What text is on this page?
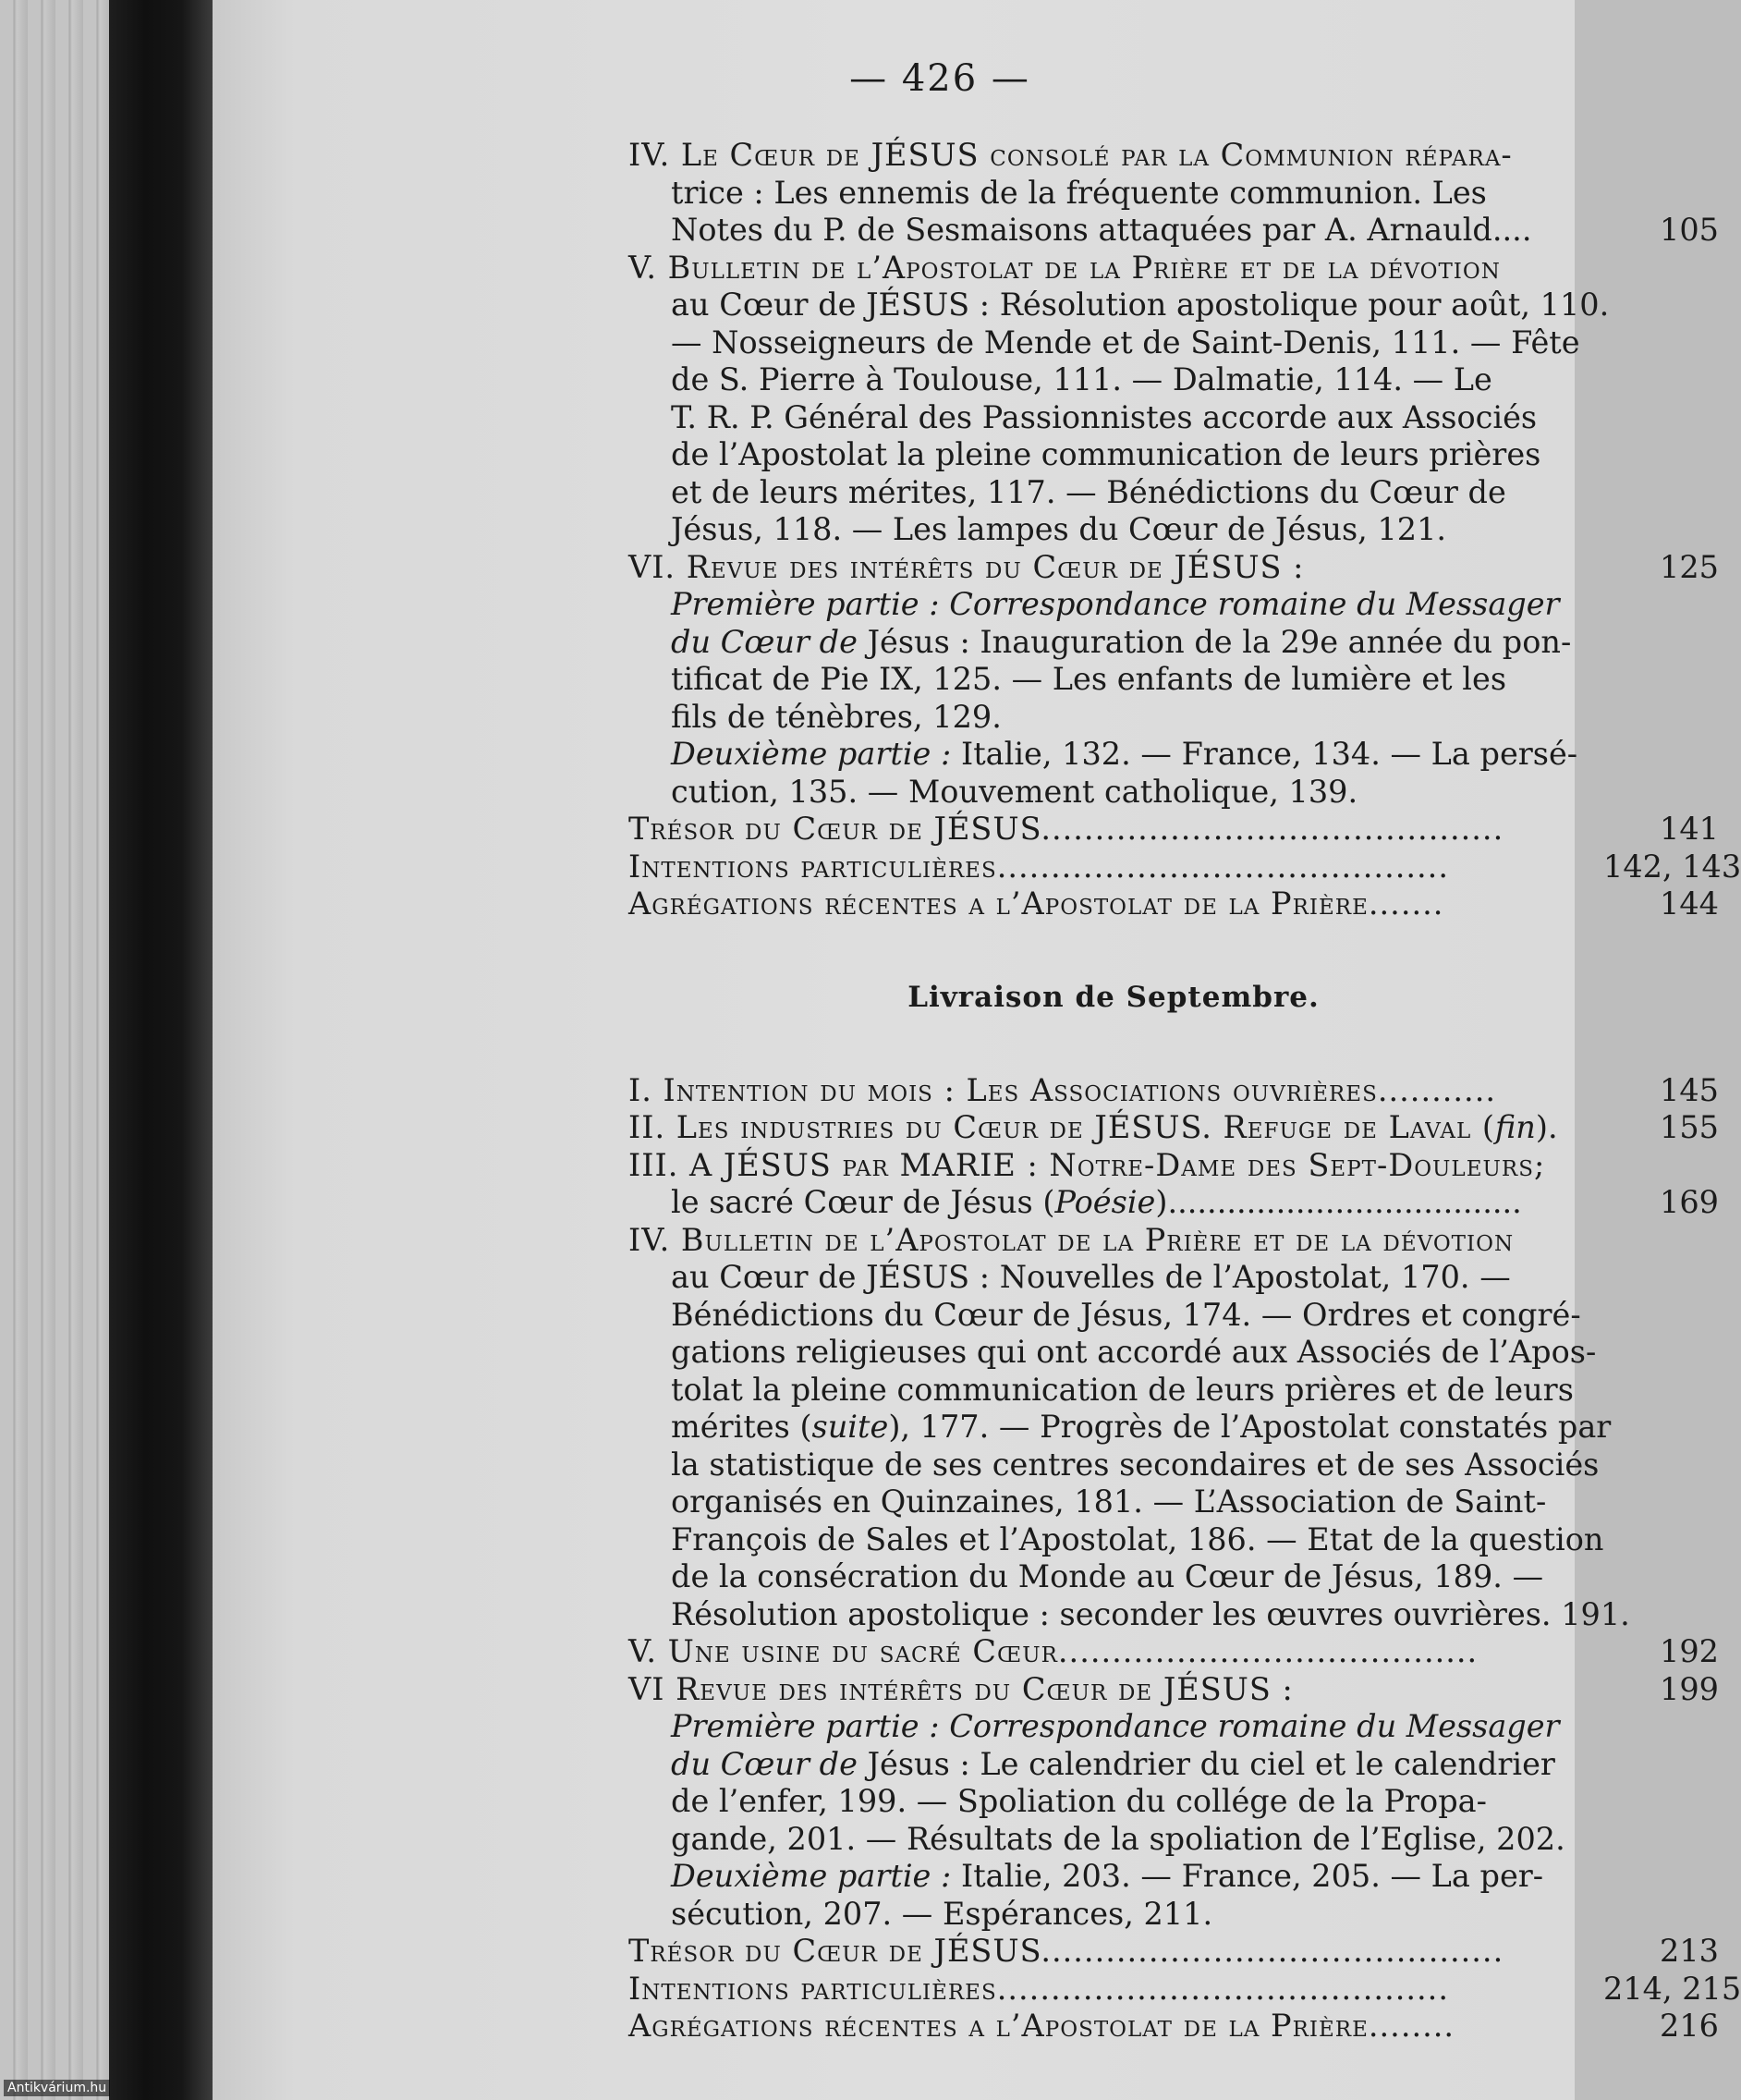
— 426 —
IV. Le Cœur de JÉSUS consolé par la Communion répara-
trice : Les ennemis de la fréquente communion. Les
Notes du P. de Sesmaisons attaquées par A. Arnauld....	105
V. Bulletin de l’Apostolat de la Prière et de la dévotion
au Cœur de JÉSUS : Résolution apostolique pour août, 110.
— Nosseigneurs de Mende et de Saint-Denis, 111. — Fête
de S. Pierre à Toulouse, 111. — Dalmatie, 114. — Le
T. R. P. Général des Passionnistes accorde aux Associés
de l’Apostolat la pleine communication de leurs prières
et de leurs mérites, 117. — Bénédictions du Cœur de
Jésus, 118. — Les lampes du Cœur de Jésus, 121.
VI. Revue des intérêts du Cœur de JÉSUS :	125
Première partie : Correspondance romaine du Messager
du Cœur de Jésus : Inauguration de la 29e année du pon-
tificat de Pie IX, 125. — Les enfants de lumière et les
fils de ténèbres, 129.
Deuxième partie : Italie, 132. — France, 134. — La persé-
cution, 135. — Mouvement catholique, 139.
Trésor du Cœur de JÉSUS...........................................	141
Intentions particulières..........................................	142, 143
Agrégations récentes a l’Apostolat de la Prière.......	144
Livraison de Septembre.
I. Intention du mois : Les Associations ouvrières...........	145
II. Les industries du Cœur de JÉSUS. Refuge de Laval (fin).	155
III. A JÉSUS par MARIE : Notre-Dame des Sept-Douleurs;
le sacré Cœur de Jésus (Poésie)....................................	169
IV. Bulletin de l’Apostolat de la Prière et de la dévotion
au Cœur de JÉSUS : Nouvelles de l’Apostolat, 170. —
Bénédictions du Cœur de Jésus, 174. — Ordres et congré-
gations religieuses qui ont accordé aux Associés de l’Apos-
tolat la pleine communication de leurs prières et de leurs
mérites (suite), 177. — Progrès de l’Apostolat constatés par
la statistique de ses centres secondaires et de ses Associés
organisés en Quinzaines, 181. — L’Association de Saint-
François de Sales et l’Apostolat, 186. — Etat de la question
de la consécration du Monde au Cœur de Jésus, 189. —
Résolution apostolique : seconder les œuvres ouvrières. 191.
V. Une usine du sacré Cœur.......................................	192
VI Revue des intérêts du Cœur de JÉSUS :	199
Première partie : Correspondance romaine du Messager
du Cœur de Jésus : Le calendrier du ciel et le calendrier
de l’enfer, 199. — Spoliation du collége de la Propa-
gande, 201. — Résultats de la spoliation de l’Eglise, 202.
Deuxième partie : Italie, 203. — France, 205. — La per-
sécution, 207. — Espérances, 211.
Trésor du Cœur de JÉSUS...........................................	213
Intentions particulières..........................................	214, 215
Agrégations récentes a l’Apostolat de la Prière........	216
Antikvárium.hu
